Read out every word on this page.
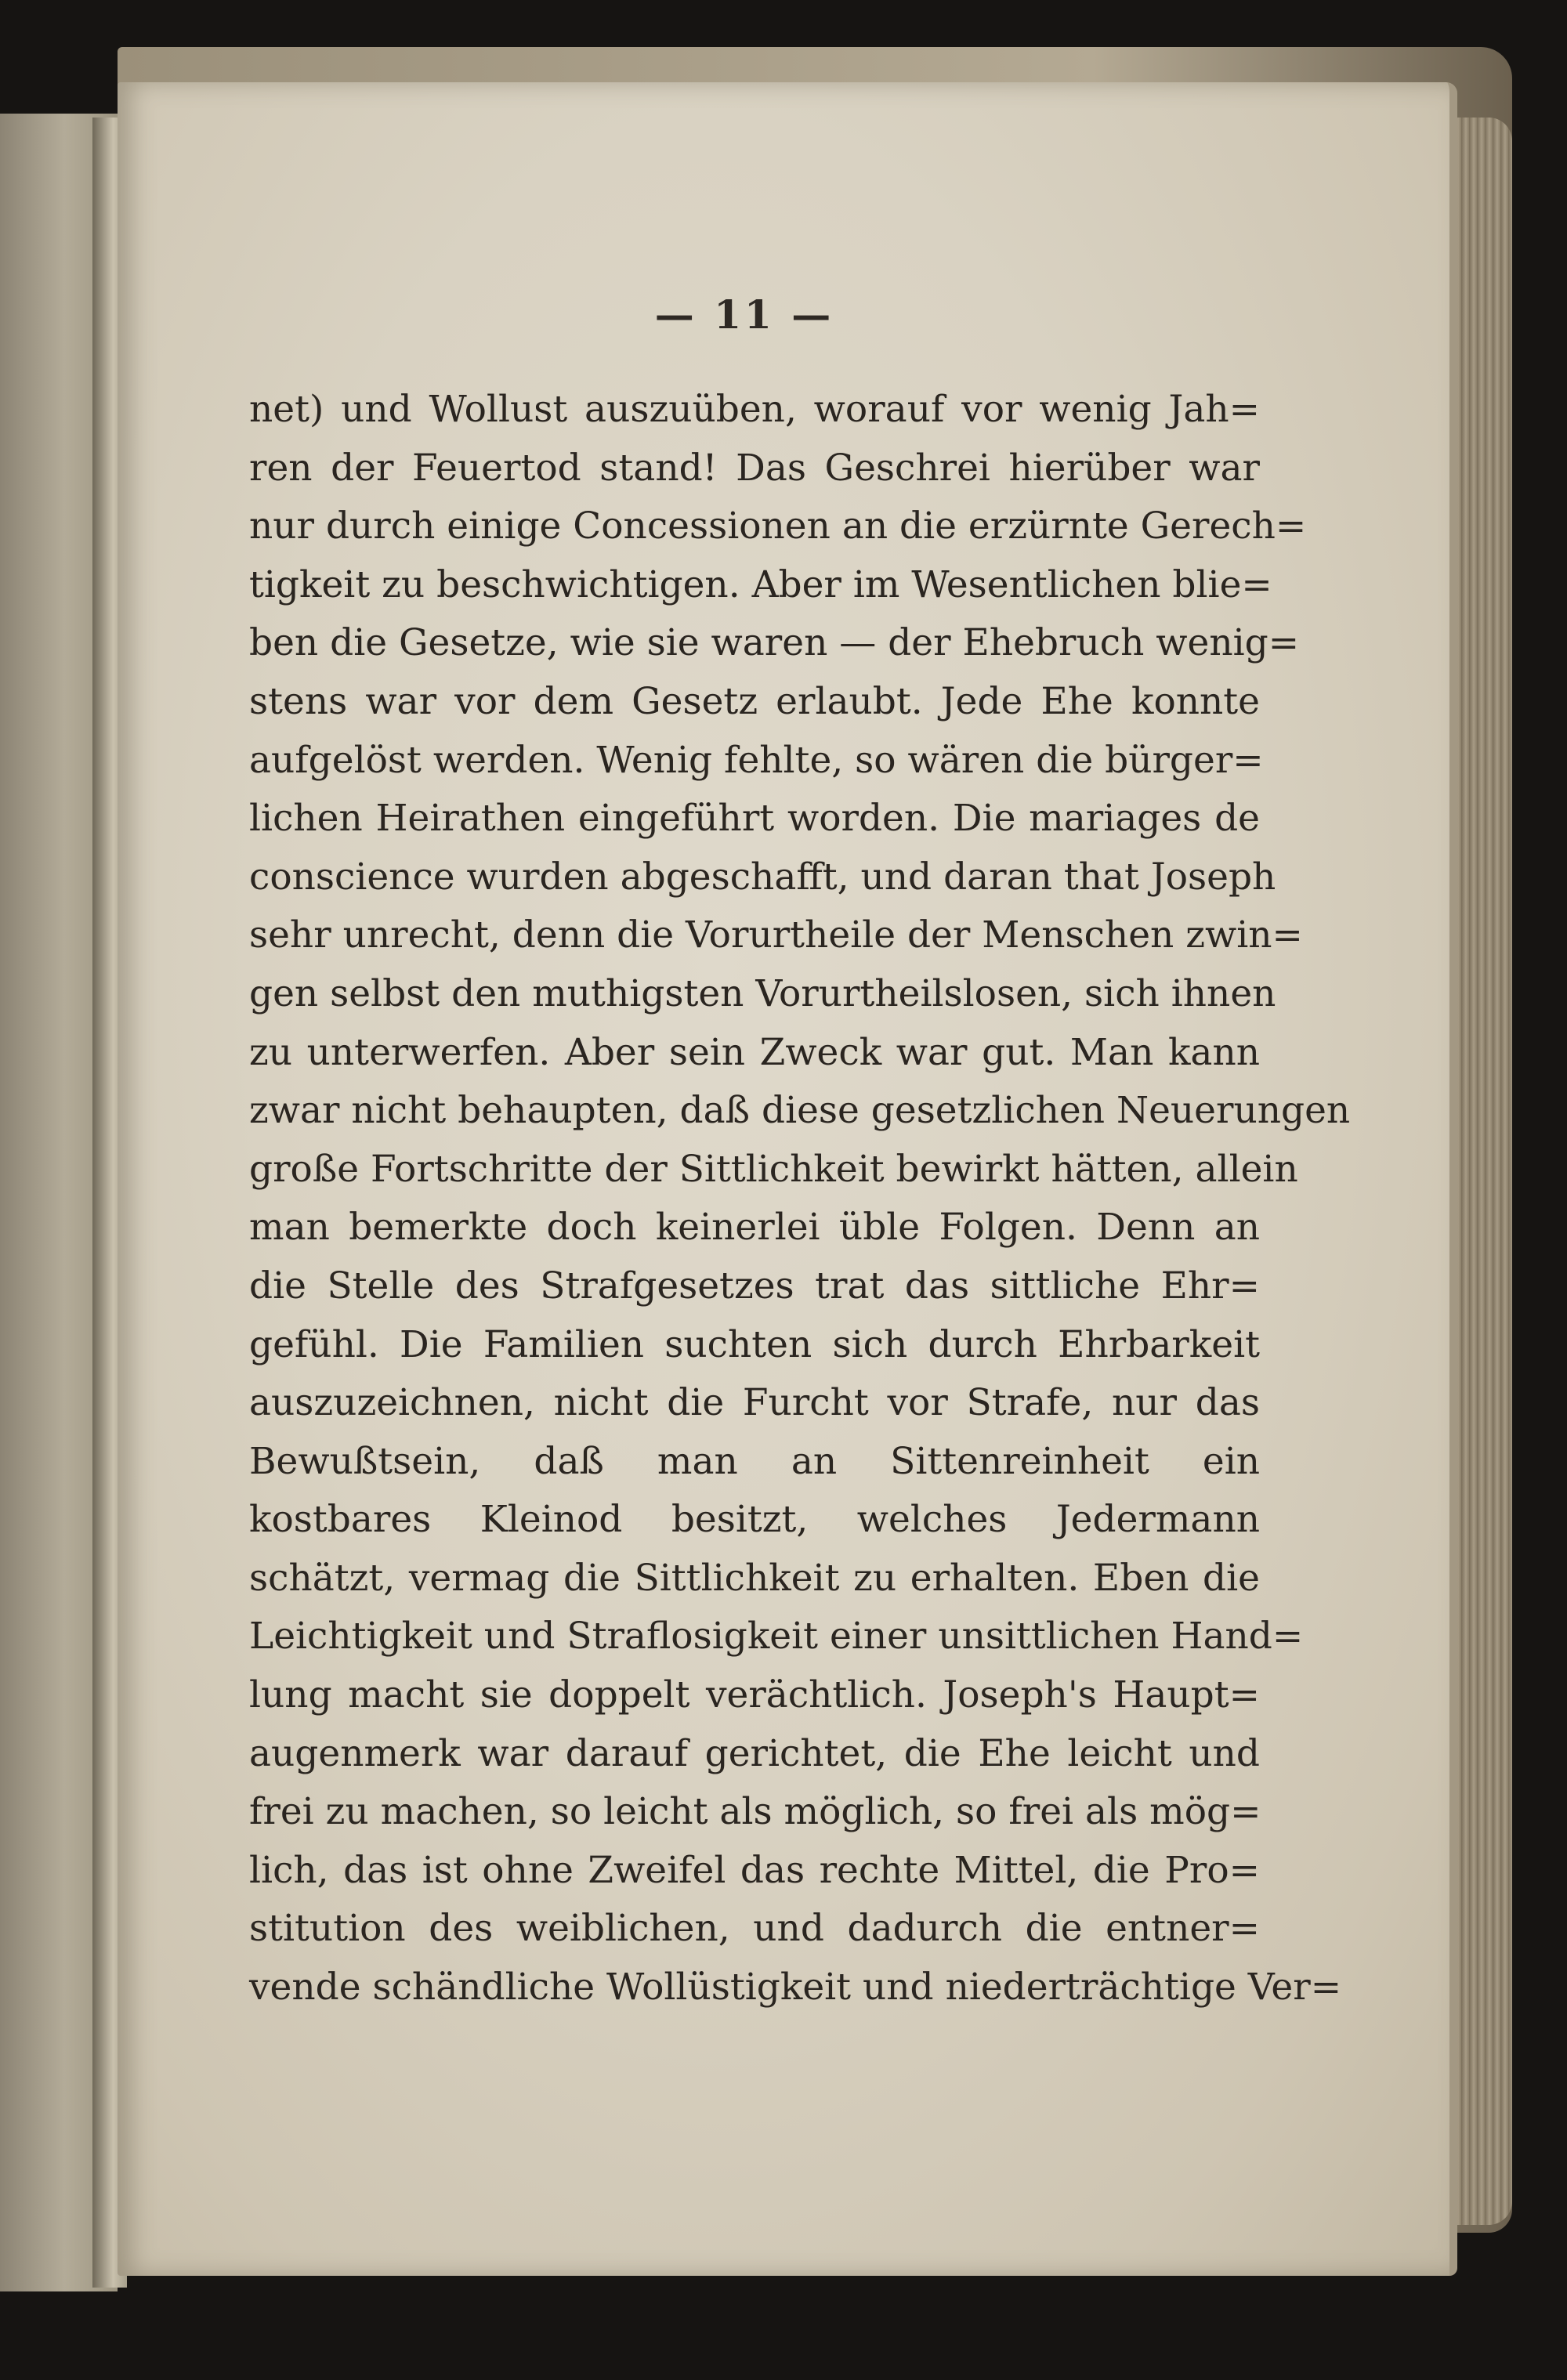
— 11 —
net) und Wollust auszuüben, worauf vor wenig Jah=
ren der Feuertod stand! Das Geschrei hierüber war
nur durch einige Concessionen an die erzürnte Gerech=
tigkeit zu beschwichtigen. Aber im Wesentlichen blie=
ben die Gesetze, wie sie waren — der Ehebruch wenig=
stens war vor dem Gesetz erlaubt. Jede Ehe konnte
aufgelöst werden. Wenig fehlte, so wären die bürger=
lichen Heirathen eingeführt worden. Die mariages de
conscience wurden abgeschafft, und daran that Joseph
sehr unrecht, denn die Vorurtheile der Menschen zwin=
gen selbst den muthigsten Vorurtheilslosen, sich ihnen
zu unterwerfen. Aber sein Zweck war gut. Man kann
zwar nicht behaupten, daß diese gesetzlichen Neuerungen
große Fortschritte der Sittlichkeit bewirkt hätten, allein
man bemerkte doch keinerlei üble Folgen. Denn an
die Stelle des Strafgesetzes trat das sittliche Ehr=
gefühl. Die Familien suchten sich durch Ehrbarkeit
auszuzeichnen, nicht die Furcht vor Strafe, nur das
Bewußtsein, daß man an Sittenreinheit ein
kostbares Kleinod besitzt, welches Jedermann
schätzt, vermag die Sittlichkeit zu erhalten. Eben die
Leichtigkeit und Straflosigkeit einer unsittlichen Hand=
lung macht sie doppelt verächtlich. Joseph's Haupt=
augenmerk war darauf gerichtet, die Ehe leicht und
frei zu machen, so leicht als möglich, so frei als mög=
lich, das ist ohne Zweifel das rechte Mittel, die Pro=
stitution des weiblichen, und dadurch die entner=
vende schändliche Wollüstigkeit und niederträchtige Ver=
